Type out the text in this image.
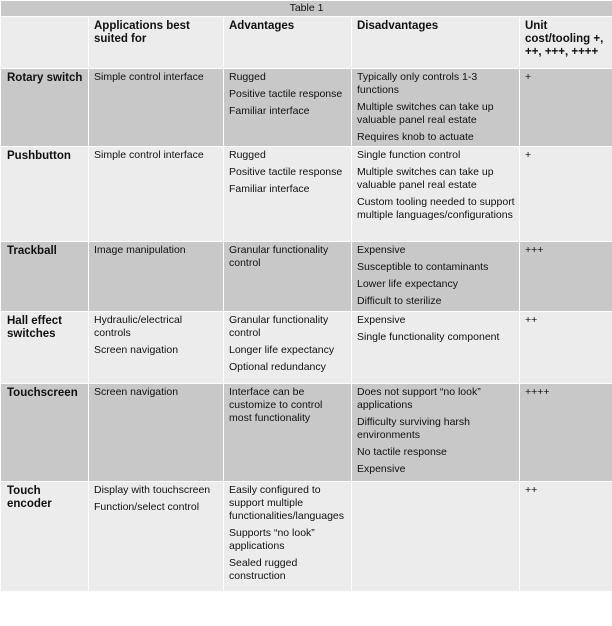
Table 1				
	Applications best suited for	Advantages	Disadvantages	Unit cost/tooling +, ++, +++, ++++
Rotary switch	Simple control interface	Rugged
Positive tactile response
Familiar interface	Typically only controls 1-3 functions
Multiple switches can take up valuable panel real estate
Requires knob to actuate	+
Pushbutton	Simple control interface	Rugged
Positive tactile response
Familiar interface	Single function control
Multiple switches can take up valuable panel real estate
Custom tooling needed to support multiple languages/configurations	+
Trackball	Image manipulation	Granular functionality control	Expensive
Susceptible to contaminants
Lower life expectancy
Difficult to sterilize	+++
Hall effect switches	Hydraulic/electrical controls
Screen navigation	Granular functionality control
Longer life expectancy
Optional redundancy	Expensive
Single functionality component	++
Touchscreen	Screen navigation	Interface can be customize to control most functionality	Does not support “no look” applications
Difficulty surviving harsh environments
No tactile response
Expensive	++++
Touch encoder	Display with touchscreen
Function/select control	Easily configured to support multiple functionalities/languages
Supports “no look” applications
Sealed rugged construction		++
